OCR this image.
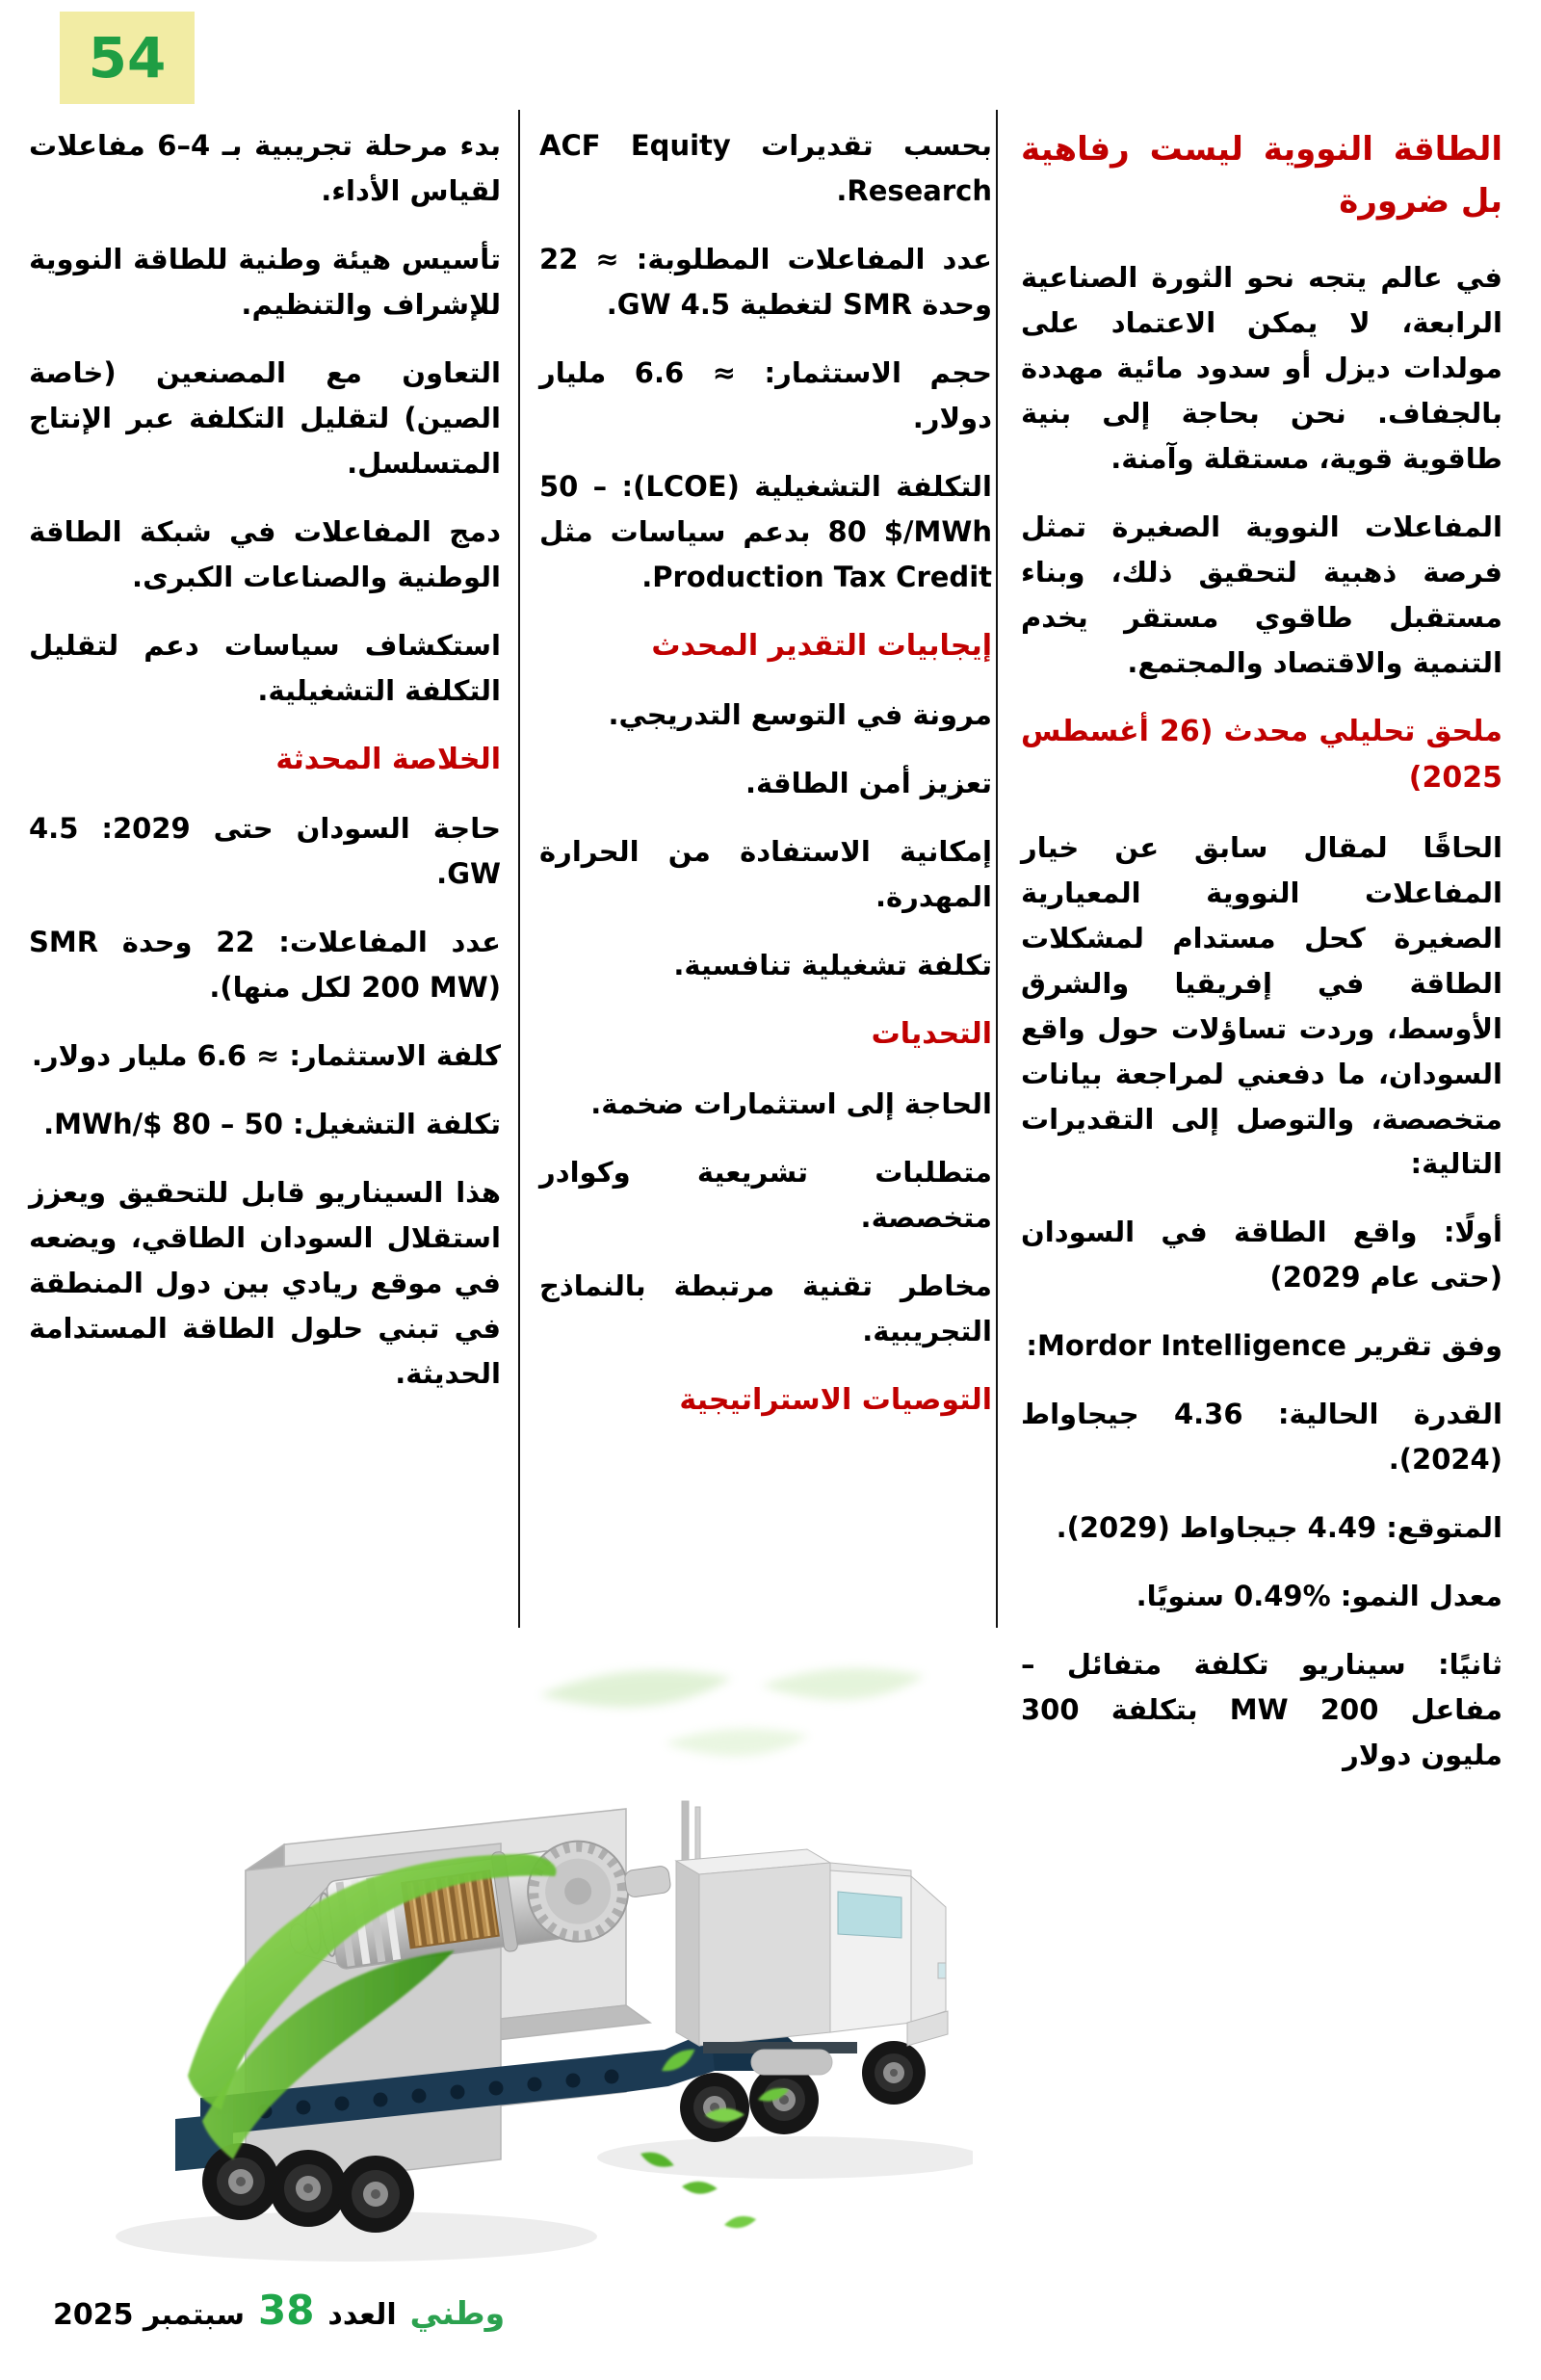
54
الطاقة النووية ليست رفاهية بل ضرورة

في عالم يتجه نحو الثورة الصناعية الرابعة، لا يمكن الاعتماد على مولدات ديزل أو سدود مائية مهددة بالجفاف. نحن بحاجة إلى بنية طاقوية قوية، مستقلة وآمنة.

المفاعلات النووية الصغيرة تمثل فرصة ذهبية لتحقيق ذلك، وبناء مستقبل طاقوي مستقر يخدم التنمية والاقتصاد والمجتمع.

ملحق تحليلي محدث (26 أغسطس 2025)

الحاقًا لمقال سابق عن خيار المفاعلات النووية المعيارية الصغيرة كحل مستدام لمشكلات الطاقة في إفريقيا والشرق الأوسط، وردت تساؤلات حول واقع السودان، ما دفعني لمراجعة بيانات متخصصة، والتوصل إلى التقديرات التالية:

أولًا: واقع الطاقة في السودان (حتى عام 2029)

وفق تقرير Mordor Intelligence:

القدرة الحالية: 4.36 جيجاواط (2024).

المتوقع: 4.49 جيجاواط (2029).

معدل النمو: %0.49 سنويًا.

ثانيًا: سيناريو تكلفة متفائل – مفاعل 200 MW بتكلفة 300 مليون دولار

بحسب تقديرات ACF Equity Research.

عدد المفاعلات المطلوبة: ≈ 22 وحدة SMR لتغطية 4.5 GW.

حجم الاستثمار: ≈ 6.6 مليار دولار.

التكلفة التشغيلية (LCOE): 50 – 80 $/MWh بدعم سياسات مثل Production Tax Credit.

إيجابيات التقدير المحدث

مرونة في التوسع التدريجي.

تعزيز أمن الطاقة.

إمكانية الاستفادة من الحرارة المهدرة.

تكلفة تشغيلية تنافسية.

التحديات

الحاجة إلى استثمارات ضخمة.

متطلبات تشريعية وكوادر متخصصة.

مخاطر تقنية مرتبطة بالنماذج التجريبية.

التوصيات الاستراتيجية

بدء مرحلة تجريبية بـ 4–6 مفاعلات لقياس الأداء.

تأسيس هيئة وطنية للطاقة النووية للإشراف والتنظيم.

التعاون مع المصنعين (خاصة الصين) لتقليل التكلفة عبر الإنتاج المتسلسل.

دمج المفاعلات في شبكة الطاقة الوطنية والصناعات الكبرى.

استكشاف سياسات دعم لتقليل التكلفة التشغيلية.

الخلاصة المحدثة

حاجة السودان حتى 2029: 4.5 GW.

عدد المفاعلات: 22 وحدة SMR (200 MW لكل منها).

كلفة الاستثمار: ≈ 6.6 مليار دولار.

تكلفة التشغيل: 50 – 80 $/MWh.

هذا السيناريو قابل للتحقيق ويعزز استقلال السودان الطاقي، ويضعه في موقع ريادي بين دول المنطقة في تبني حلول الطاقة المستدامة الحديثة.

وطني
العدد
38
سبتمبر 2025
